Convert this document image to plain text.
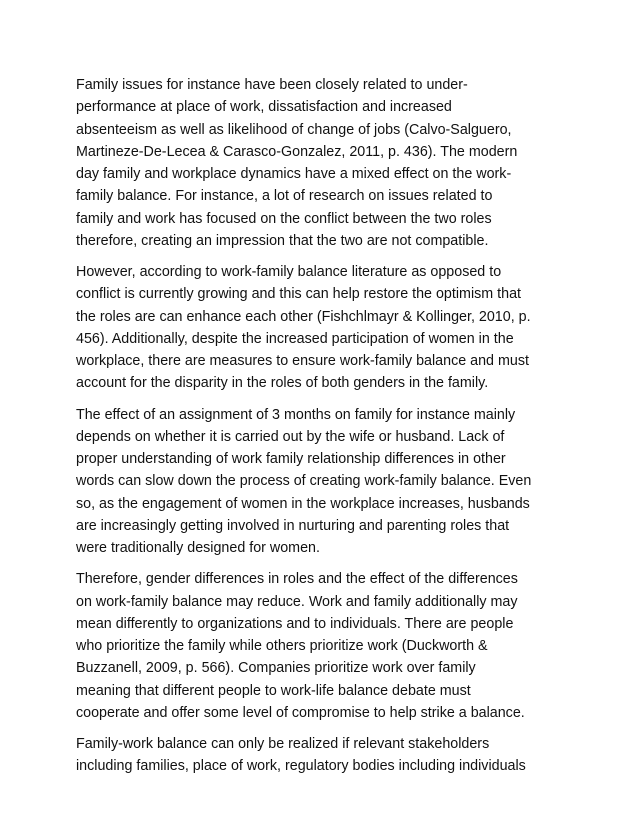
Family issues for instance have been closely related to under-
performance at place of work, dissatisfaction and increased
absenteeism as well as likelihood of change of jobs (Calvo-Salguero,
Martineze-De-Lecea & Carasco-Gonzalez, 2011, p. 436). The modern
day family and workplace dynamics have a mixed effect on the work-
family balance. For instance, a lot of research on issues related to
family and work has focused on the conflict between the two roles
therefore, creating an impression that the two are not compatible.
However, according to work-family balance literature as opposed to
conflict is currently growing and this can help restore the optimism that
the roles are can enhance each other (Fishchlmayr & Kollinger, 2010, p.
456). Additionally, despite the increased participation of women in the
workplace, there are measures to ensure work-family balance and must
account for the disparity in the roles of both genders in the family.
The effect of an assignment of 3 months on family for instance mainly
depends on whether it is carried out by the wife or husband. Lack of
proper understanding of work family relationship differences in other
words can slow down the process of creating work-family balance. Even
so, as the engagement of women in the workplace increases, husbands
are increasingly getting involved in nurturing and parenting roles that
were traditionally designed for women.
Therefore, gender differences in roles and the effect of the differences
on work-family balance may reduce. Work and family additionally may
mean differently to organizations and to individuals. There are people
who prioritize the family while others prioritize work (Duckworth &
Buzzanell, 2009, p. 566). Companies prioritize work over family
meaning that different people to work-life balance debate must
cooperate and offer some level of compromise to help strike a balance.
Family-work balance can only be realized if relevant stakeholders
including families, place of work, regulatory bodies including individuals
